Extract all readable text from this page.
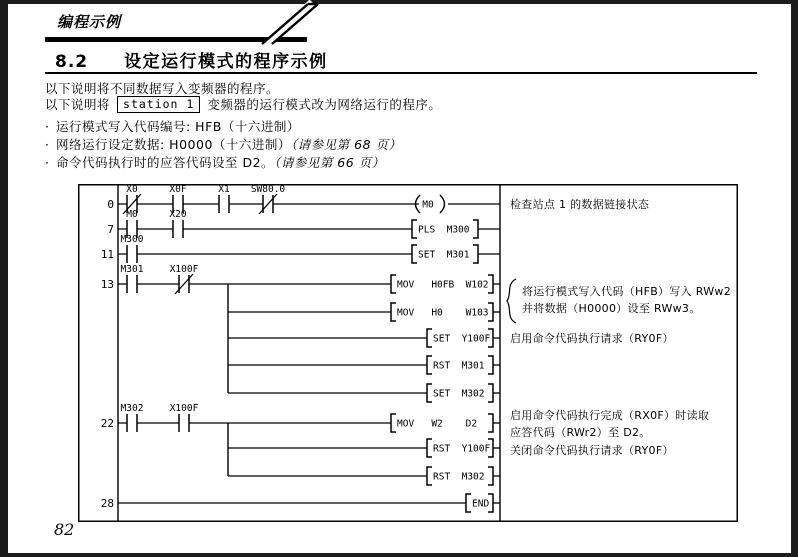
编程示例
8.2 设定运行模式的程序示例
以下说明将不同数据写入变频器的程序。
以下说明将	station 1	变频器的运行模式改为网络运行的程序。
· 运行模式写入代码编号: HFB（十六进制）
· 网络运行设定数据: H0000（十六进制）（请参见第 68 页）
· 命令代码执行时的应答代码设至 D2。（请参见第 66 页）
0	M0
X0	X0F	X1 SW80.0
检查站点 1 的数据链接状态
7	PLS  M300
M0	X20
11	SET  M301
M300
13	MOV   H0FB  W102
MOV   H0    W103
SET  Y100F
RST  M301
SET  M302
M301	X100F
将运行模式写入代码（HFB）写入 RWw2
并将数据（H0000）设至 RWw3。
启用命令代码执行请求（RY0F）
22	MOV   W2    D2
RST  Y100F
RST  M302
M302	X100F
启用命令代码执行完成（RX0F）时读取
应答代码（RWr2）至 D2。
关闭命令代码执行请求（RY0F）
28	END
82
